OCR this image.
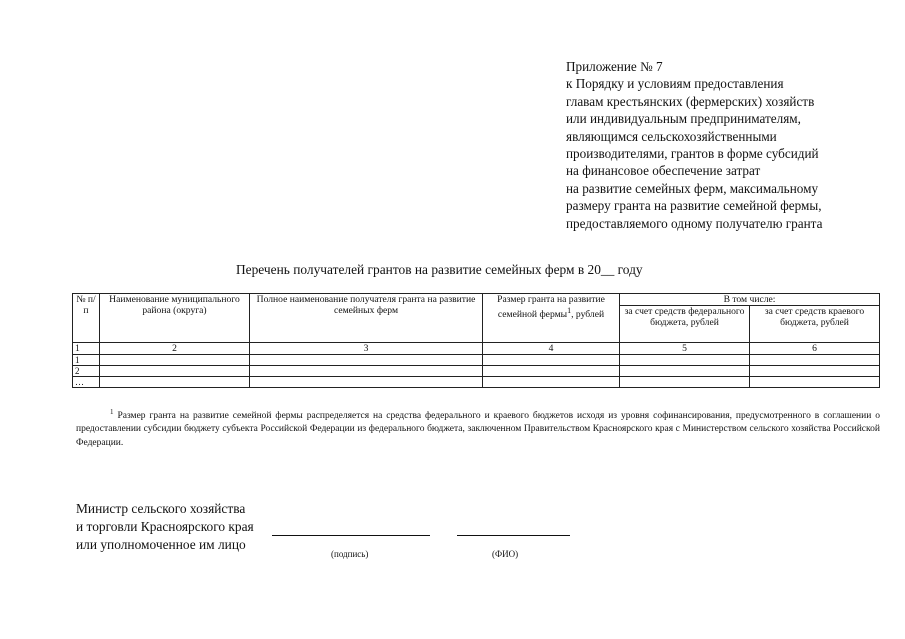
Приложение № 7
к Порядку и условиям предоставления
главам крестьянских (фермерских) хозяйств
или индивидуальным предпринимателям,
являющимся сельскохозяйственными
производителями, грантов в форме субсидий
на финансовое обеспечение затрат
на развитие семейных ферм, максимальному
размеру гранта на развитие семейной фермы,
предоставляемого одному получателю гранта
Перечень получателей грантов на развитие семейных ферм в 20__ году
№ п/п	Наименование муниципального района (округа)	Полное наименование получателя гранта на развитие семейных ферм	Размер гранта на развитие семейной фермы$^1$, рублей	В том числе:	
				за счет средств федерального бюджета, рублей	за счет средств краевого бюджета, рублей
1	2	3	4	5	6
1					
2					
…					
$^1$ Размер гранта на развитие семейной фермы распределяется на средства федерального и краевого бюджетов исходя из уровня софинансирования, предусмотренного в соглашении о предоставлении субсидии бюджету субъекта Российской Федерации из федерального бюджета, заключенном Правительством Красноярского края с Министерством сельского хозяйства Российской Федерации.
Министр сельского хозяйства
и торговли Красноярского края
или уполномоченное им лицо
(подпись)	(ФИО)
